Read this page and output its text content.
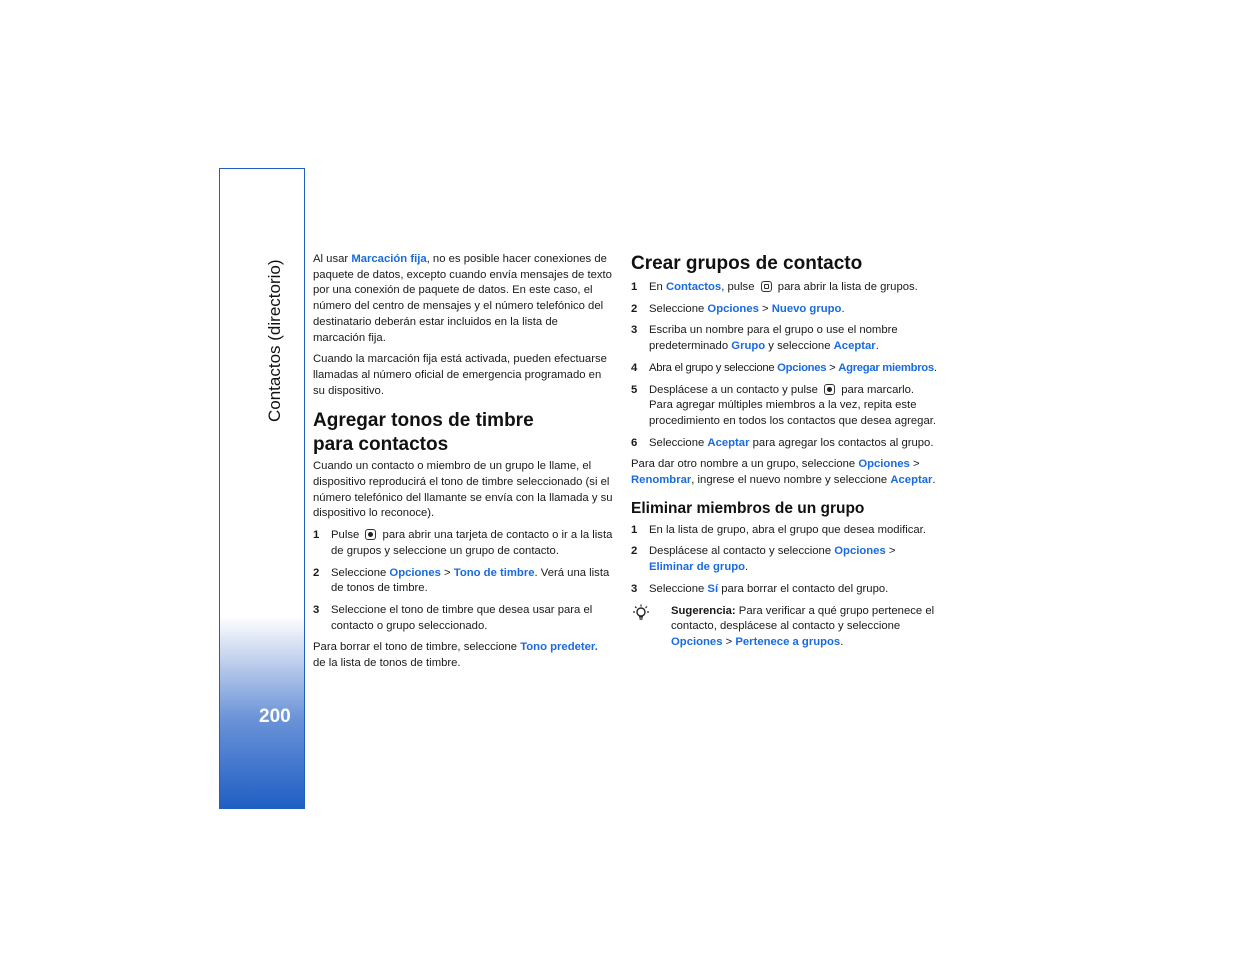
Contactos (directorio)
200

Al usar Marcación fija, no es posible hacer conexiones de paquete de datos, excepto cuando envía mensajes de texto por una conexión de paquete de datos. En este caso, el número del centro de mensajes y el número telefónico del destinatario deberán estar incluidos en la lista de marcación fija.

Cuando la marcación fija está activada, pueden efectuarse llamadas al número oficial de emergencia programado en su dispositivo.

Agregar tonos de timbre
para contactos

Cuando un contacto o miembro de un grupo le llame, el dispositivo reproducirá el tono de timbre seleccionado (si el número telefónico del llamante se envía con la llamada y su dispositivo lo reconoce).

1	Pulse para abrir una tarjeta de contacto o ir a la lista de grupos y seleccione un grupo de contacto.
2	Seleccione Opciones > Tono de timbre. Verá una lista de tonos de timbre.
3	Seleccione el tono de timbre que desea usar para el contacto o grupo seleccionado.

Para borrar el tono de timbre, seleccione Tono predeter. de la lista de tonos de timbre.

Crear grupos de contacto
1	En Contactos, pulse para abrir la lista de grupos.
2	Seleccione Opciones > Nuevo grupo.
3	Escriba un nombre para el grupo o use el nombre predeterminado Grupo y seleccione Aceptar.
4	Abra el grupo y seleccione Opciones > Agregar miembros.
5	Desplácese a un contacto y pulse para marcarlo. Para agregar múltiples miembros a la vez, repita este procedimiento en todos los contactos que desea agregar.
6	Seleccione Aceptar para agregar los contactos al grupo.

Para dar otro nombre a un grupo, seleccione Opciones > Renombrar, ingrese el nuevo nombre y seleccione Aceptar.

Eliminar miembros de un grupo
1	En la lista de grupo, abra el grupo que desea modificar.
2	Desplácese al contacto y seleccione Opciones > Eliminar de grupo.
3	Seleccione Sí para borrar el contacto del grupo.
Sugerencia: Para verificar a qué grupo pertenece el contacto, desplácese al contacto y seleccione Opciones > Pertenece a grupos.
